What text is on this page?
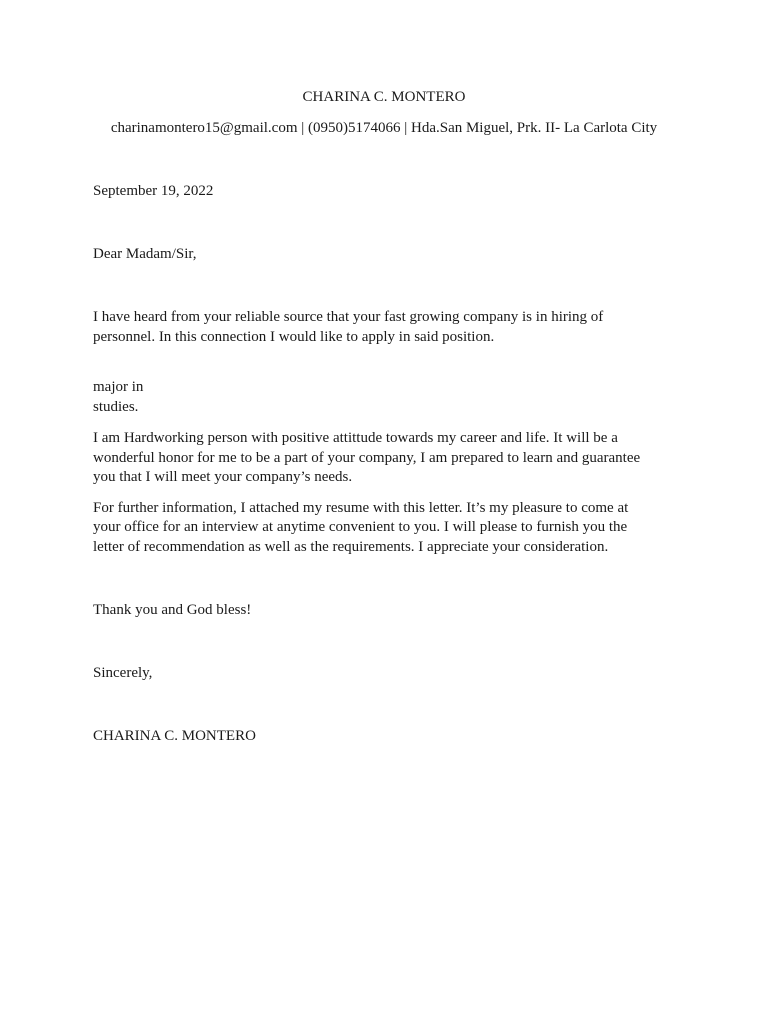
CHARINA C. MONTERO
charinamontero15@gmail.com | (0950)5174066 | Hda.San Miguel, Prk. II- La Carlota City
September 19, 2022
Dear Madam/Sir,
I have heard from your reliable source that your fast growing company is in hiring of
personnel. In this connection I would like to apply in said position.
major in
studies.
I am Hardworking person with positive attittude towards my career and life. It will be a
wonderful honor for me to be a part of your company, I am prepared to learn and guarantee
you that I will meet your company’s needs.
For further information, I attached my resume with this letter. It’s my pleasure to come at
your office for an interview at anytime convenient to you. I will please to furnish you the
letter of recommendation as well as the requirements. I appreciate your consideration.
Thank you and God bless!
Sincerely,
CHARINA C. MONTERO
